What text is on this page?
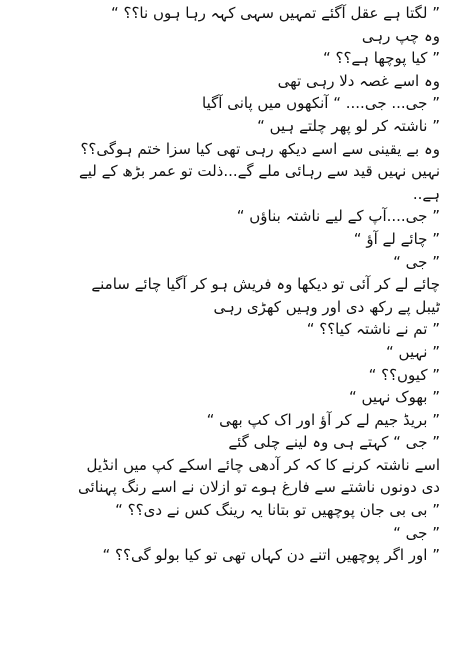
” لگتا ہے عقل آگئے تمہیں سہی کہہ رہا ہوں نا؟؟ “
وہ چپ رہی
” کیا پوچھا ہے؟؟ “
وہ اسے غصہ دلا رہی تھی
” جی... جی.... “ آنکھوں میں پانی آگیا
” ناشتہ کر لو پھر چلتے ہیں “
وہ بے یقینی سے اسے دیکھ رہی تھی کیا سزا ختم ہوگی؟؟
نہیں نہیں قید سے رہائی ملے گے...ذلت تو عمر بڑھ کے لیے
ہے..
” جی....آپ کے لیے ناشتہ بناؤں “
” چائے لے آؤ “
” جی “
چائے لے کر آئی تو دیکھا وہ فریش ہو کر آگیا چائے سامنے
ٹیبل پے رکھ دی اور وہیں کھڑی رہی
” تم نے ناشتہ کیا؟؟ “
” نہیں “
” کیوں؟؟ “
” بھوک نہیں “
” بریڈ جیم لے کر آؤ اور اک کپ بھی “
” جی “ کہتے ہی وہ لینے چلی گئے
اسے ناشتہ کرنے کا کہ کر آدھی چائے اسکے کپ میں انڈیل
دی دونوں ناشتے سے فارغ ہوے تو ازلان نے اسے رنگ پہنائی
” بی بی جان پوچھیں تو بتانا یہ رینگ کس نے دی؟؟ “
” جی “
” اور اگر پوچھیں اتنے دن کہاں تھی تو کیا بولو گی؟؟ “
